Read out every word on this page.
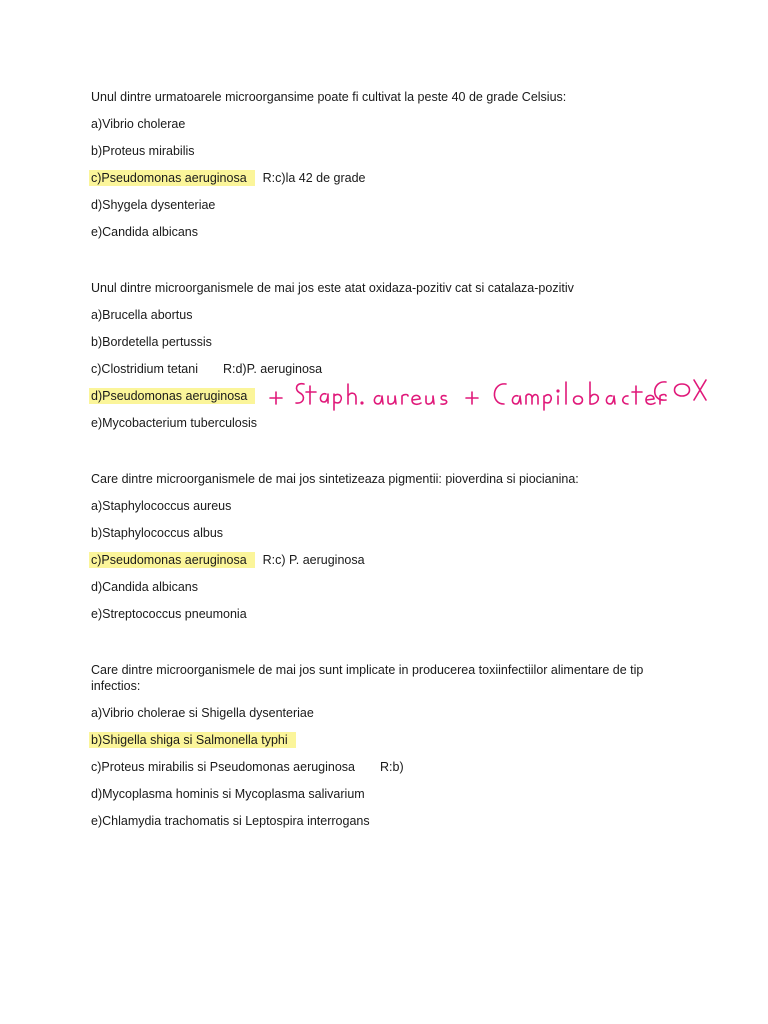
Unul dintre urmatoarele microorgansime poate fi cultivat la peste 40 de grade Celsius:

a)Vibrio cholerae
b)Proteus mirabilis
c)Pseudomonas aeruginosa R:c)la 42 de grade
d)Shygela dysenteriae
e)Candida albicans

Unul dintre microorganismele de mai jos este atat oxidaza-pozitiv cat si catalaza-pozitiv

a)Brucella abortus
b)Bordetella pertussis
c)Clostridium tetani R:d)P. aeruginosa
d)Pseudomonas aeruginosa
e)Mycobacterium tuberculosis

Care dintre microorganismele de mai jos sintetizeaza pigmentii: pioverdina si piocianina:

a)Staphylococcus aureus
b)Staphylococcus albus
c)Pseudomonas aeruginosa R:c) P. aeruginosa
d)Candida albicans
e)Streptococcus pneumonia

Care dintre microorganismele de mai jos sunt implicate in producerea toxiinfectiilor alimentare de tip infectios:

a)Vibrio cholerae si Shigella dysenteriae
b)Shigella shiga si Salmonella typhi
c)Proteus mirabilis si Pseudomonas aeruginosa R:b)
d)Mycoplasma hominis si Mycoplasma salivarium
e)Chlamydia trachomatis si Leptospira interrogans
